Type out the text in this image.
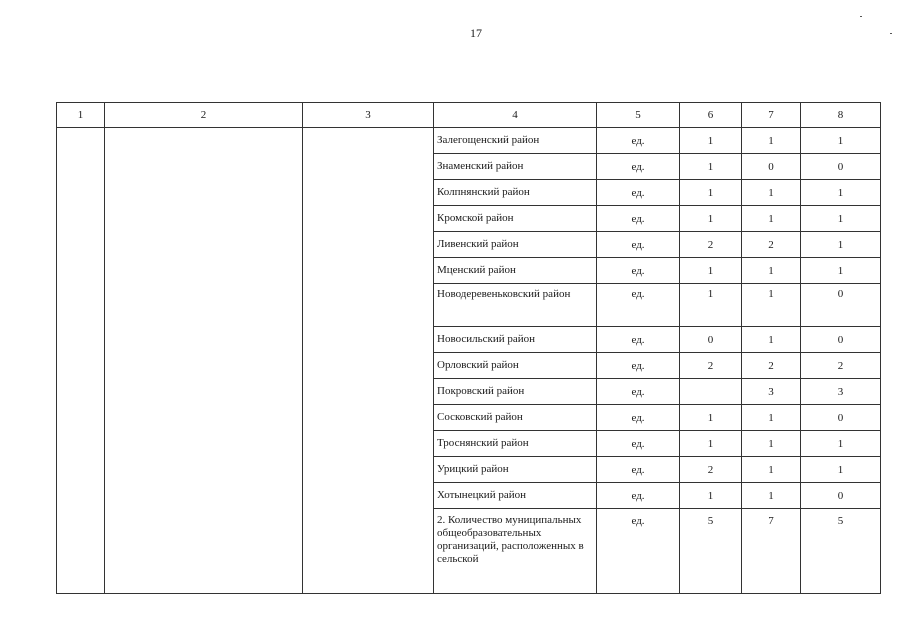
17
1	2	3	4	5	6	7	8
			Залегощенский район	ед.	1	1	1
			Знаменский район	ед.	1	0	0
			Колпнянский район	ед.	1	1	1
			Кромской район	ед.	1	1	1
			Ливенский район	ед.	2	2	1
			Мценский район	ед.	1	1	1
			Новодеревеньковский район	ед.	1	1	0
			Новосильский район	ед.	0	1	0
			Орловский район	ед.	2	2	2
			Покровский район	ед.		3	3
			Сосковский район	ед.	1	1	0
			Троснянский район	ед.	1	1	1
			Урицкий район	ед.	2	1	1
			Хотынецкий район	ед.	1	1	0
			2. Количество муниципальных общеобразовательных организаций, расположенных в сельской	ед.	5	7	5
